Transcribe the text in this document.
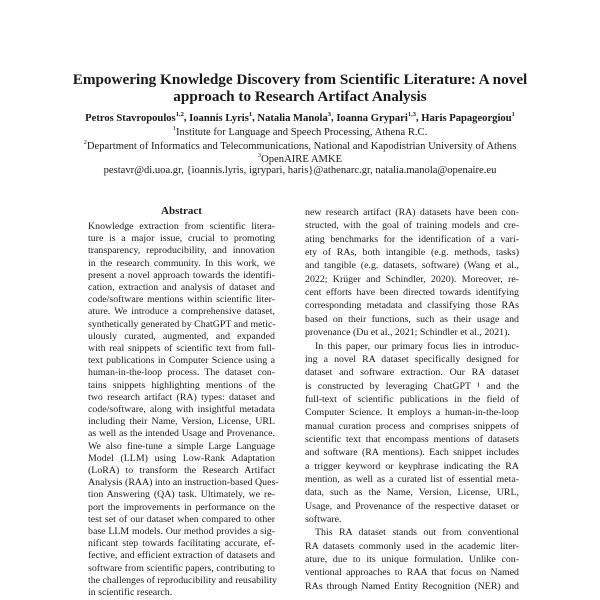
Empowering Knowledge Discovery from Scientific Literature: A novel
approach to Research Artifact Analysis
Petros Stavropoulos$^{1,2}$, Ioannis Lyris$^1$, Natalia Manola$^3$, Ioanna Grypari$^{1,3}$, Haris Papageorgiou$^1$
$^1$Institute for Language and Speech Processing, Athena R.C.
$^2$Department of Informatics and Telecommunications, National and Kapodistrian University of Athens
$^3$OpenAIRE AMKE
pestavr@di.uoa.gr, {ioannis.lyris, igrypari, haris}@athenarc.gr, natalia.manola@openaire.eu
Abstract
Knowledge extraction from scientific litera-
ture is a major issue, crucial to promoting
transparency, reproducibility, and innovation
in the research community. In this work, we
present a novel approach towards the identifi-
cation, extraction and analysis of dataset and
code/software mentions within scientific liter-
ature. We introduce a comprehensive dataset,
synthetically generated by ChatGPT and metic-
ulously curated, augmented, and expanded
with real snippets of scientific text from full-
text publications in Computer Science using a
human-in-the-loop process. The dataset con-
tains snippets highlighting mentions of the
two research artifact (RA) types: dataset and
code/software, along with insightful metadata
including their Name, Version, License, URL
as well as the intended Usage and Provenance.
We also fine-tune a simple Large Language
Model (LLM) using Low-Rank Adaptation
(LoRA) to transform the Research Artifact
Analysis (RAA) into an instruction-based Ques-
tion Answering (QA) task. Ultimately, we re-
port the improvements in performance on the
test set of our dataset when compared to other
base LLM models. Our method provides a sig-
nificant step towards facilitating accurate, ef-
fective, and efficient extraction of datasets and
software from scientific papers, contributing to
the challenges of reproducibility and reusability
in scientific research.
new research artifact (RA) datasets have been con-
structed, with the goal of training models and cre-
ating benchmarks for the identification of a vari-
ety of RAs, both intangible (e.g. methods, tasks)
and tangible (e.g. datasets, software) (Wang et al.,
2022; Krüger and Schindler, 2020). Moreover, re-
cent efforts have been directed towards identifying
corresponding metadata and classifying those RAs
based on their functions, such as their usage and
provenance (Du et al., 2021; Schindler et al., 2021).
In this paper, our primary focus lies in introduc-
ing a novel RA dataset specifically designed for
dataset and software extraction. Our RA dataset
is constructed by leveraging ChatGPT ¹ and the
full-text of scientific publications in the field of
Computer Science. It employs a human-in-the-loop
manual curation process and comprises snippets of
scientific text that encompass mentions of datasets
and software (RA mentions). Each snippet includes
a trigger keyword or keyphrase indicating the RA
mention, as well as a curated list of essential meta-
data, such as the Name, Version, License, URL,
Usage, and Provenance of the respective dataset or
software.
This RA dataset stands out from conventional
RA datasets commonly used in the academic liter-
ature, due to its unique formulation. Unlike con-
ventional approaches to RAA that focus on Named
RAs through Named Entity Recognition (NER) and
